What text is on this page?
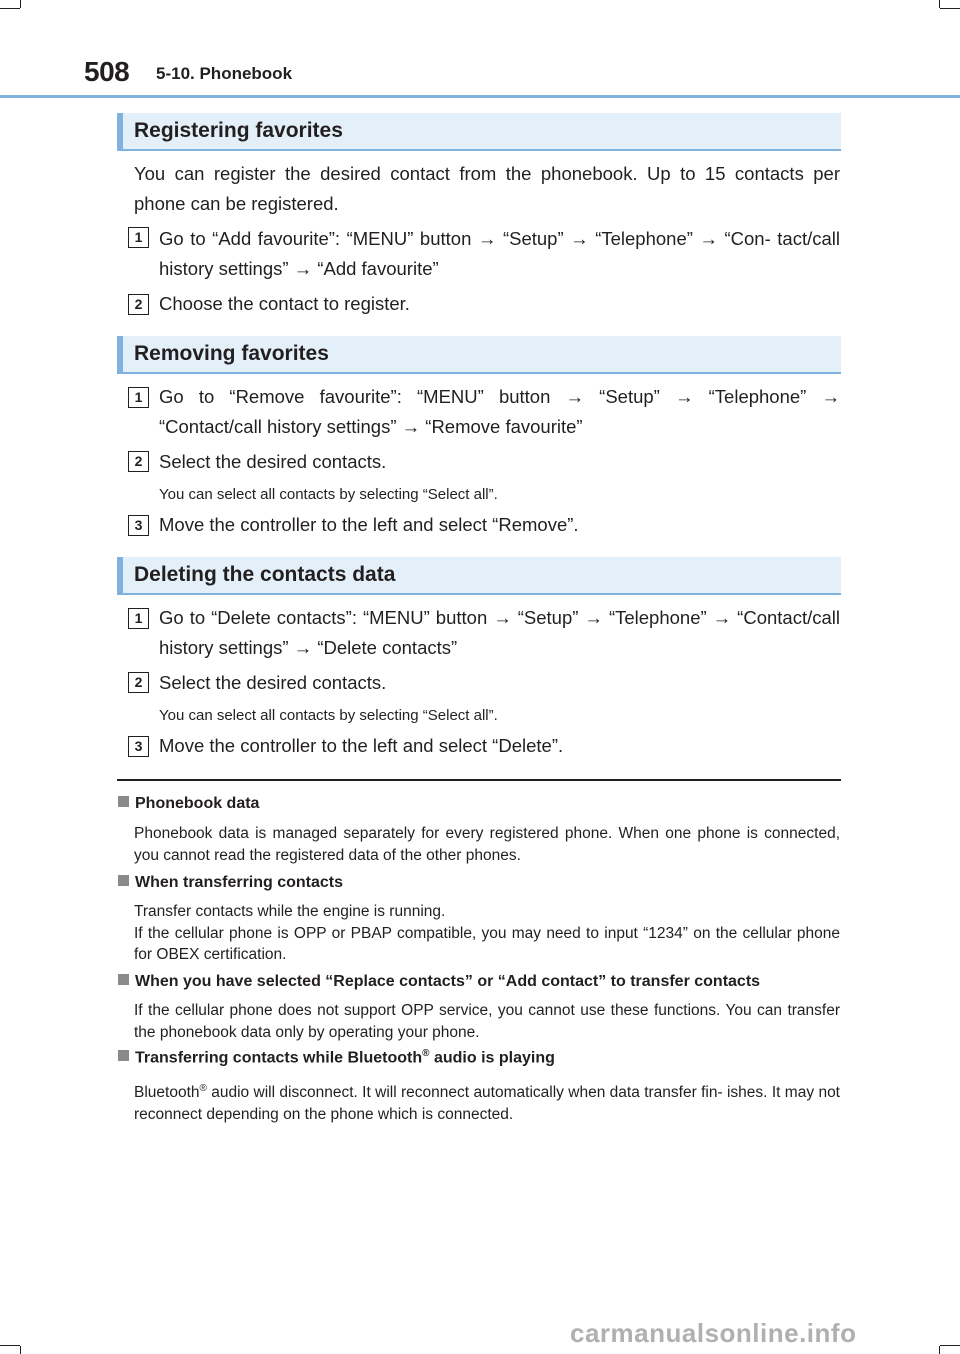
508 5-10. Phonebook
Registering favorites
You can register the desired contact from the phonebook. Up to 15 contacts per phone can be registered.
1 Go to “Add favourite”: “MENU” button → “Setup” → “Telephone” → “Con- tact/call history settings” → “Add favourite”
2 Choose the contact to register.
Removing favorites
1 Go to “Remove favourite”: “MENU” button → “Setup” → “Telephone” → “Contact/call history settings” → “Remove favourite”
2 Select the desired contacts.
You can select all contacts by selecting “Select all”.
3 Move the controller to the left and select “Remove”.
Deleting the contacts data
1 Go to “Delete contacts”: “MENU” button → “Setup” → “Telephone” → “Contact/call history settings” → “Delete contacts”
2 Select the desired contacts.
You can select all contacts by selecting “Select all”.
3 Move the controller to the left and select “Delete”.
Phonebook data
Phonebook data is managed separately for every registered phone. When one phone is connected, you cannot read the registered data of the other phones.
When transferring contacts
Transfer contacts while the engine is running.
If the cellular phone is OPP or PBAP compatible, you may need to input “1234” on the cellular phone for OBEX certification.
When you have selected “Replace contacts” or “Add contact” to transfer contacts
If the cellular phone does not support OPP service, you cannot use these functions. You can transfer the phonebook data only by operating your phone.
Transferring contacts while Bluetooth® audio is playing
Bluetooth® audio will disconnect. It will reconnect automatically when data transfer fin- ishes. It may not reconnect depending on the phone which is connected.
carmanualsonline.info
